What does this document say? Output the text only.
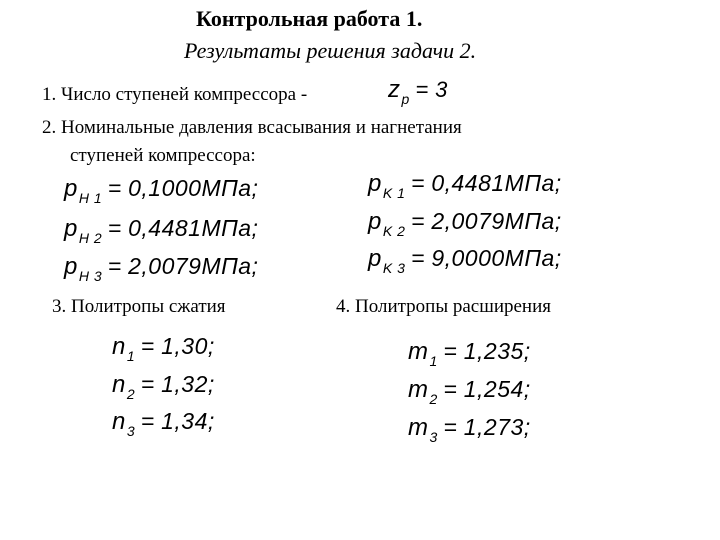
Контрольная работа 1.
Результаты решения задачи 2.
1. Число ступеней компрессора -	$z_p = 3$
2. Номинальные давления всасывания и нагнетания
ступеней компрессора:
$p_{H 1} = 0,1000МПа$;
$p_{H 2} = 0,4481МПа$;
$p_{H 3} = 2,0079МПа$;
$p_{K 1} = 0,4481МПа$;
$p_{K 2} = 2,0079МПа$;
$p_{K 3} = 9,0000МПа$;
3. Политропы сжатия	4. Политропы расширения
$n_1 = 1,30$;
$n_2 = 1,32$;
$n_3 = 1,34$;
$m_1 = 1,235$;
$m_2 = 1,254$;
$m_3 = 1,273$;
